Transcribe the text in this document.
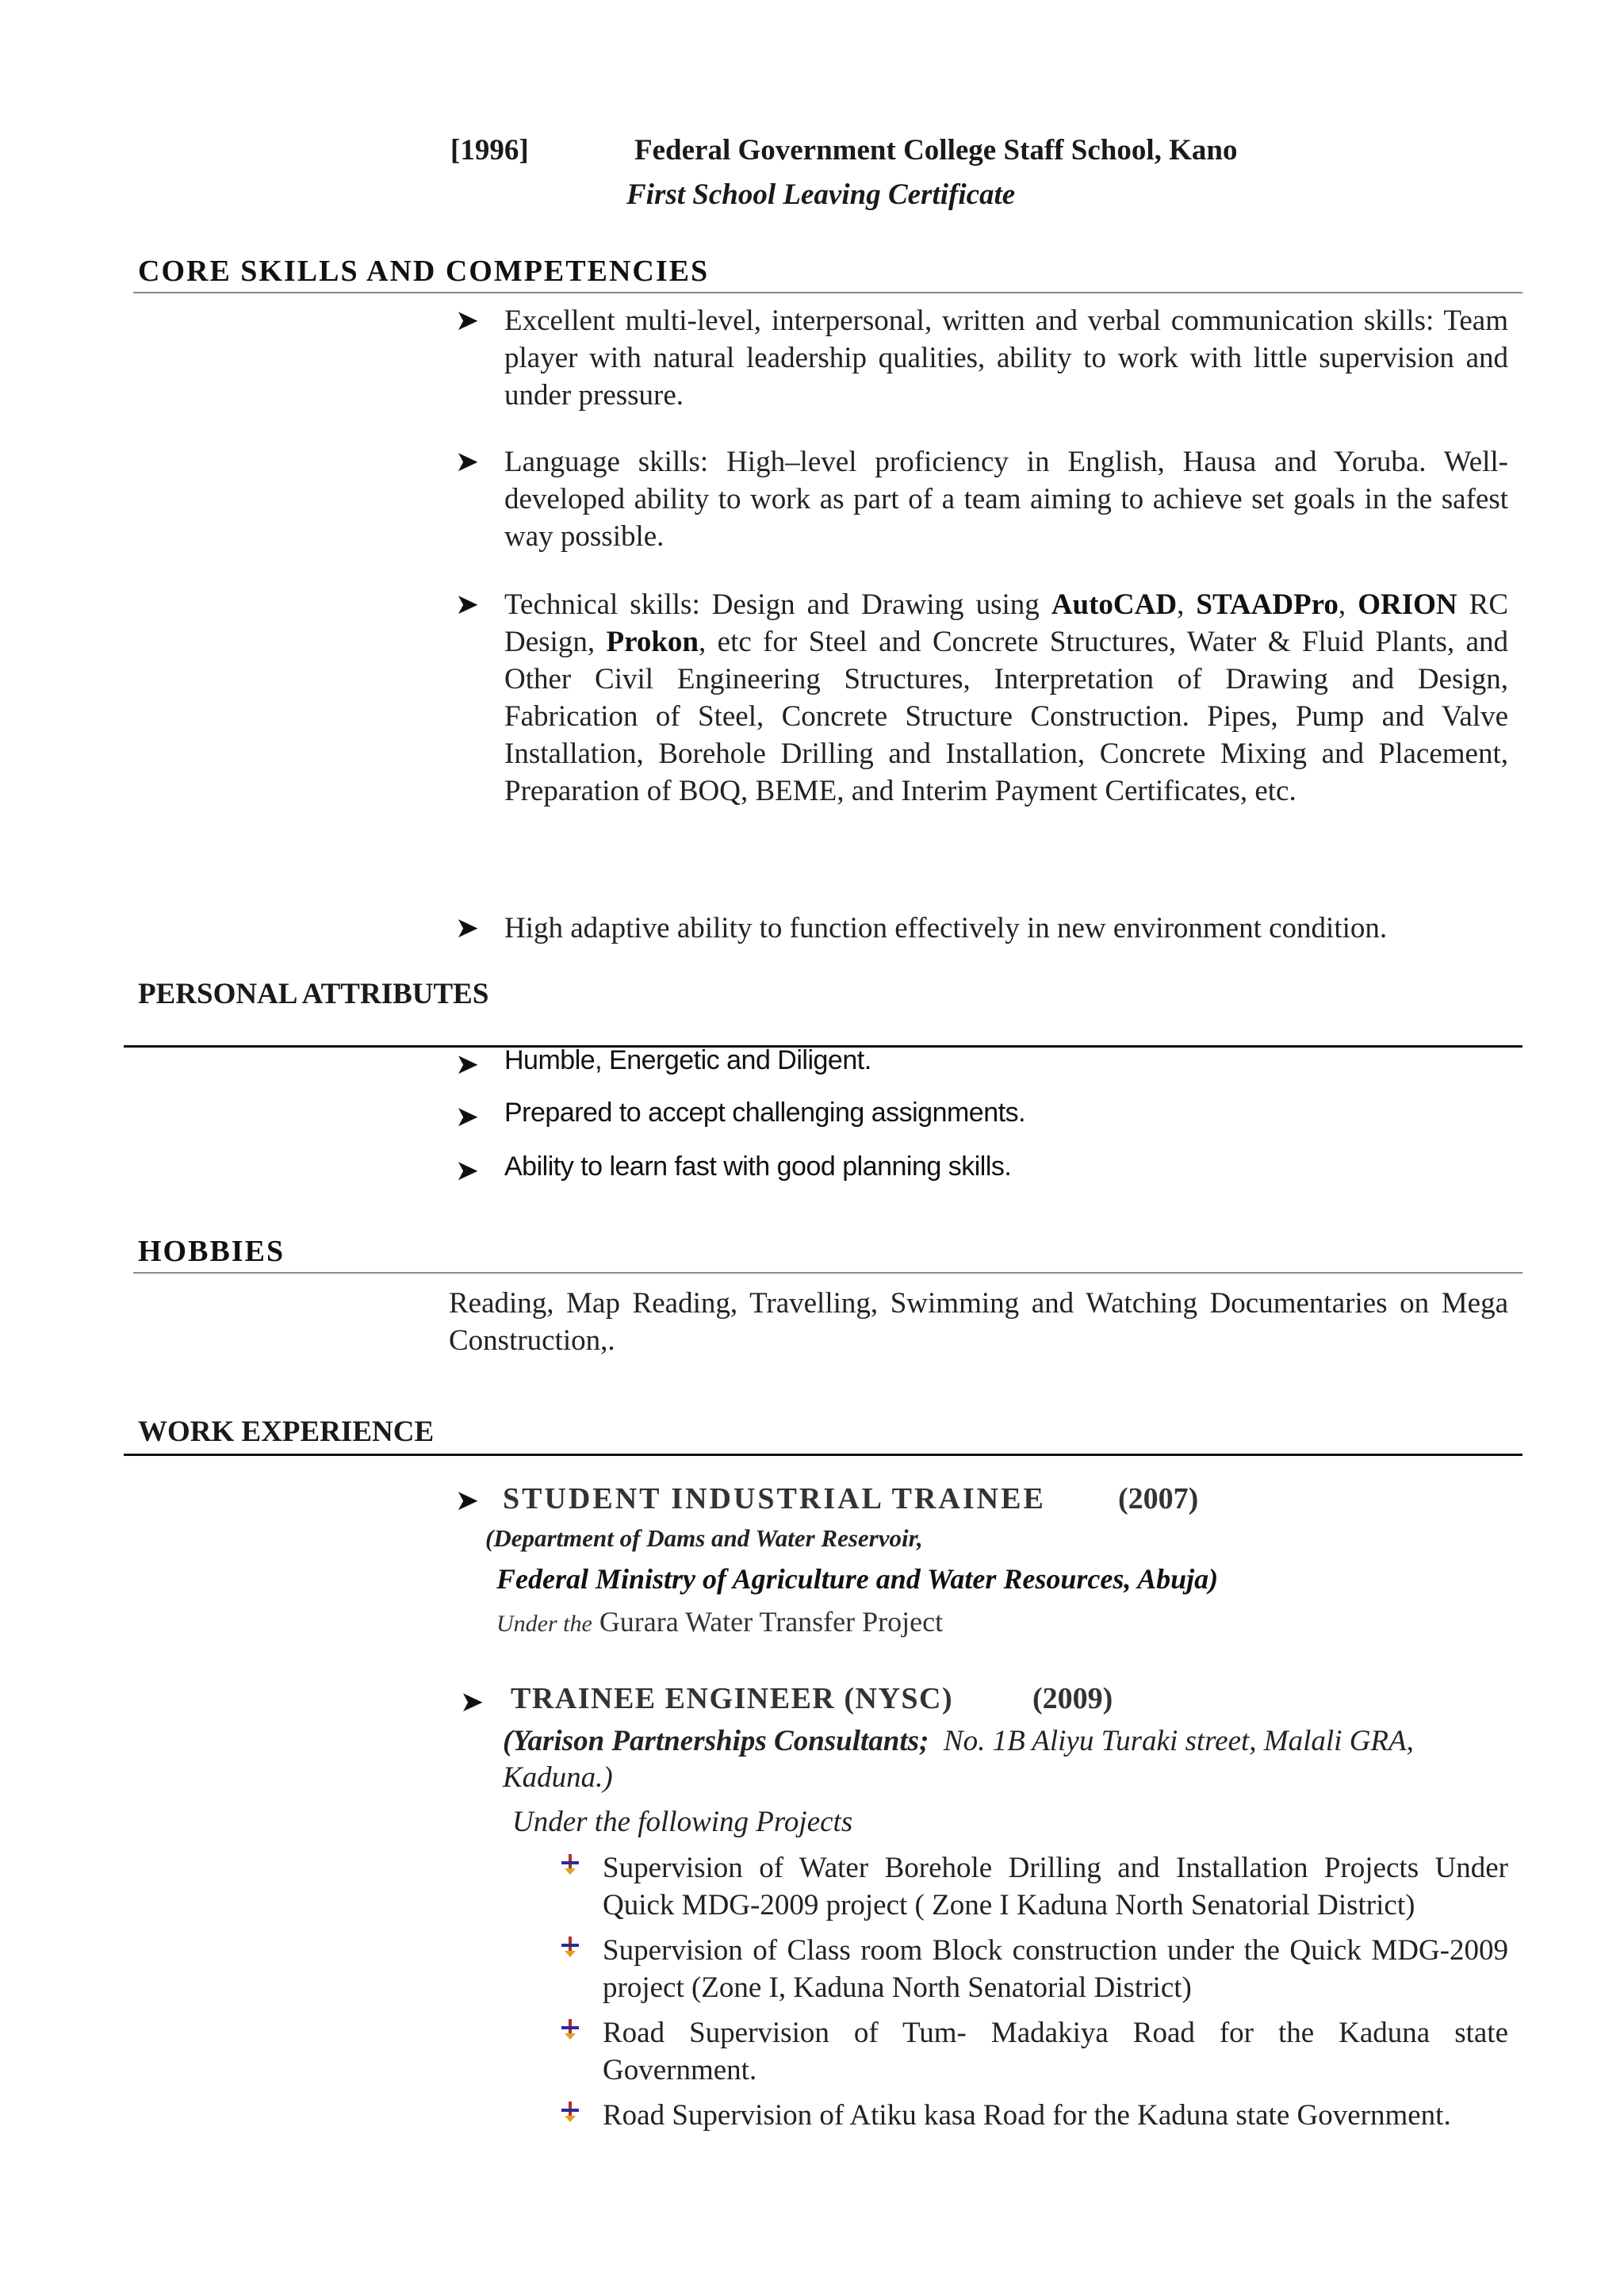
[1996]	Federal Government College Staff School, Kano
First School Leaving Certificate
CORE SKILLS AND COMPETENCIES
➤ Excellent multi-level, interpersonal, written and verbal communication skills: Team player with natural leadership qualities, ability to work with little supervision and under pressure.
➤ Language skills: High–level proficiency in English, Hausa and Yoruba. Well-developed ability to work as part of a team aiming to achieve set goals in the safest way possible.
➤ Technical skills: Design and Drawing using AutoCAD, STAADPro, ORION RC Design, Prokon, etc for Steel and Concrete Structures, Water & Fluid Plants, and Other Civil Engineering Structures, Interpretation of Drawing and Design, Fabrication of Steel, Concrete Structure Construction. Pipes, Pump and Valve Installation, Borehole Drilling and Installation, Concrete Mixing and Placement, Preparation of BOQ, BEME, and Interim Payment Certificates, etc.
➤ High adaptive ability to function effectively in new environment condition.
PERSONAL ATTRIBUTES
➤ Humble, Energetic and Diligent.
➤ Prepared to accept challenging assignments.
➤ Ability to learn fast with good planning skills.
HOBBIES
Reading, Map Reading, Travelling, Swimming and Watching Documentaries on Mega Construction,.
WORK EXPERIENCE
➤ STUDENT INDUSTRIAL TRAINEE (2007)
(Department of Dams and Water Reservoir,
Federal Ministry of Agriculture and Water Resources, Abuja)
Under the Gurara Water Transfer Project
➤ TRAINEE ENGINEER (NYSC)	(2009)
(Yarison Partnerships Consultants; No. 1B Aliyu Turaki street, Malali GRA,
Kaduna.)
Under the following Projects
Supervision of Water Borehole Drilling and Installation Projects Under Quick MDG-2009 project ( Zone I Kaduna North Senatorial District)
Supervision of Class room Block construction under the Quick MDG-2009 project (Zone I, Kaduna North Senatorial District)
Road Supervision of Tum- Madakiya Road for the Kaduna state Government.
Road Supervision of Atiku kasa Road for the Kaduna state Government.
